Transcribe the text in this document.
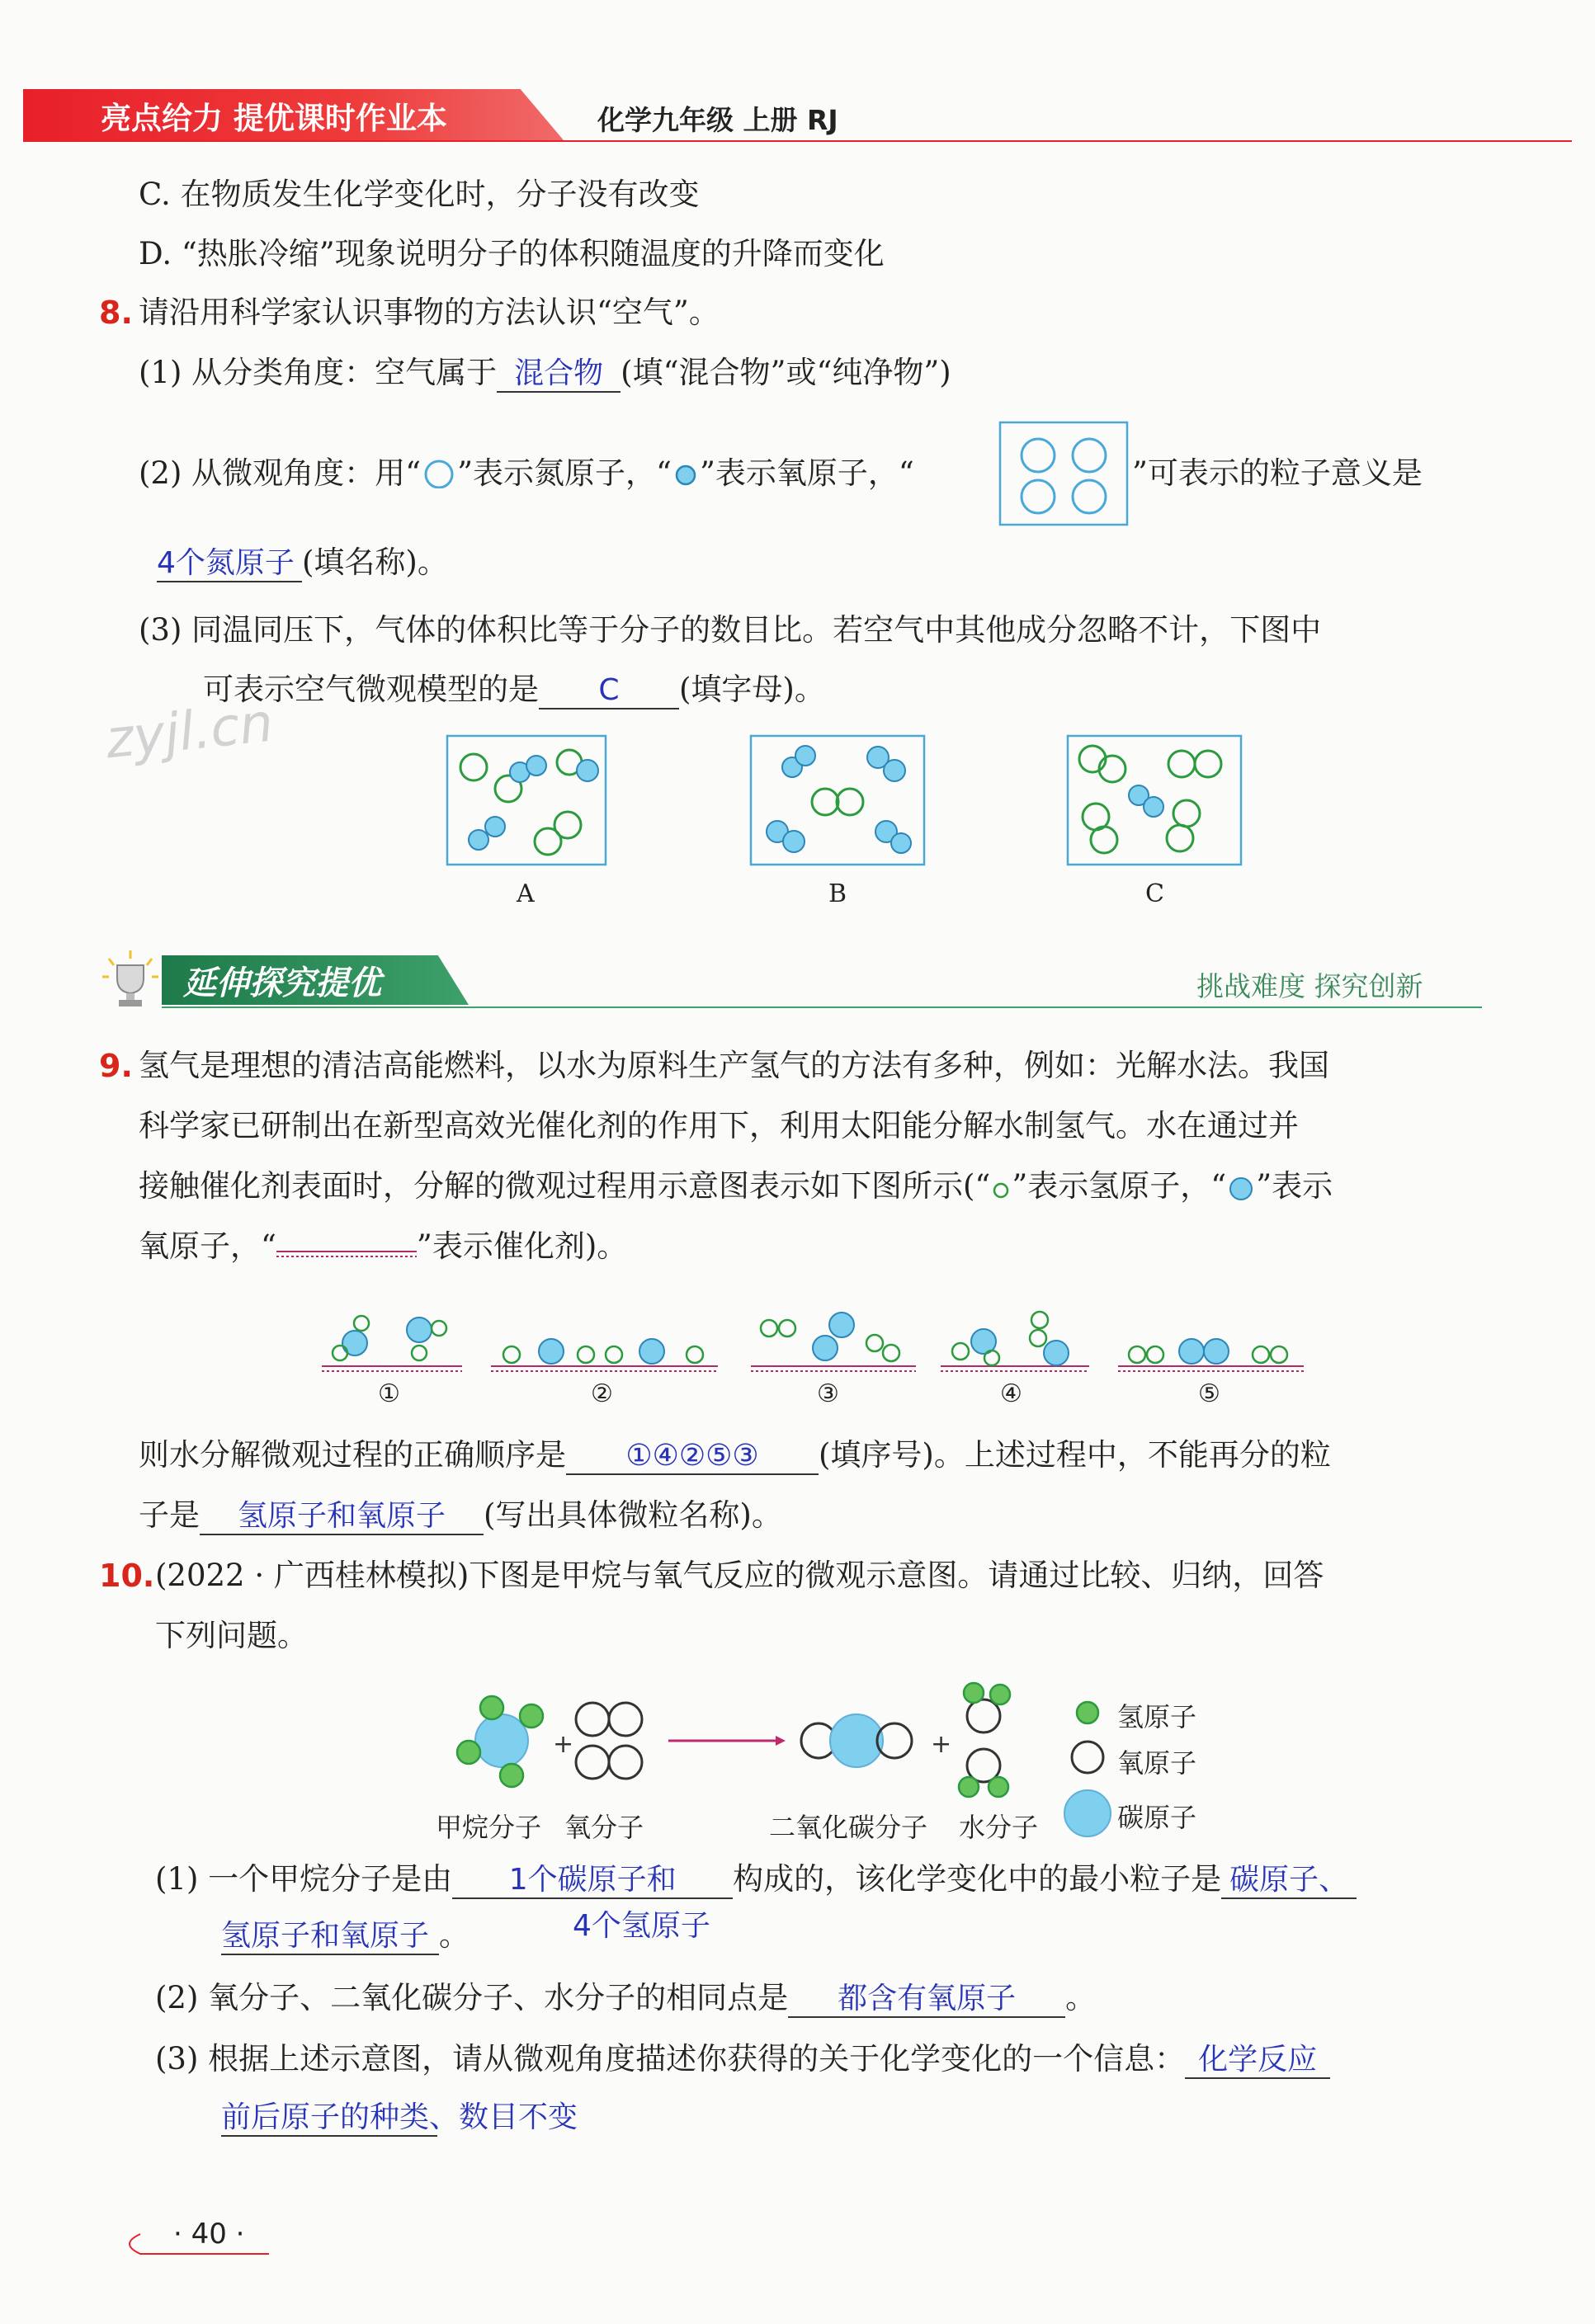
亮点给力 提优课时作业本	化学九年级 上册 RJ
C. 在物质发生化学变化时，分子没有改变
D. “热胀冷缩”现象说明分子的体积随温度的升降而变化
8. 请沿用科学家认识事物的方法认识“空气”。
(1) 从分类角度：空气属于 混合物 (填“混合物”或“纯净物”)
(2) 从微观角度：用“ ”表示氮原子，“ ”表示氧原子，“	”可表示的粒子意义是
4个氮原子 (填名称)。
(3) 同温同压下，气体的体积比等于分子的数目比。若空气中其他成分忽略不计，下图中
可表示空气微观模型的是 C (填字母)。
zyjl.cn
A	B	C
延伸探究提优	挑战难度 探究创新
9. 氢气是理想的清洁高能燃料，以水为原料生产氢气的方法有多种，例如：光解水法。我国
科学家已研制出在新型高效光催化剂的作用下，利用太阳能分解水制氢气。水在通过并
接触催化剂表面时，分解的微观过程用示意图表示如下图所示(“ ”表示氢原子，“ ”表示
氧原子，“	”表示催化剂)。
①	②	③	④	⑤
则水分解微观过程的正确顺序是 ①④②⑤③ (填序号)。上述过程中，不能再分的粒
子是 氢原子和氧原子 (写出具体微粒名称)。
10. (2022 · 广西桂林模拟)下图是甲烷与氧气反应的微观示意图。请通过比较、归纳，回答
下列问题。
+	+
甲烷分子 氧分子	二氧化碳分子 水分子
氢原子
氧原子
碳原子
(1) 一个甲烷分子是由 1个碳原子和 构成的，该化学变化中的最小粒子是 碳原子、
4个氢原子
氢原子和氧原子 。
(2) 氧分子、二氧化碳分子、水分子的相同点是 都含有氧原子 。
(3) 根据上述示意图，请从微观角度描述你获得的关于化学变化的一个信息： 化学反应
前后原子的种类、数目不变
· 40 ·
